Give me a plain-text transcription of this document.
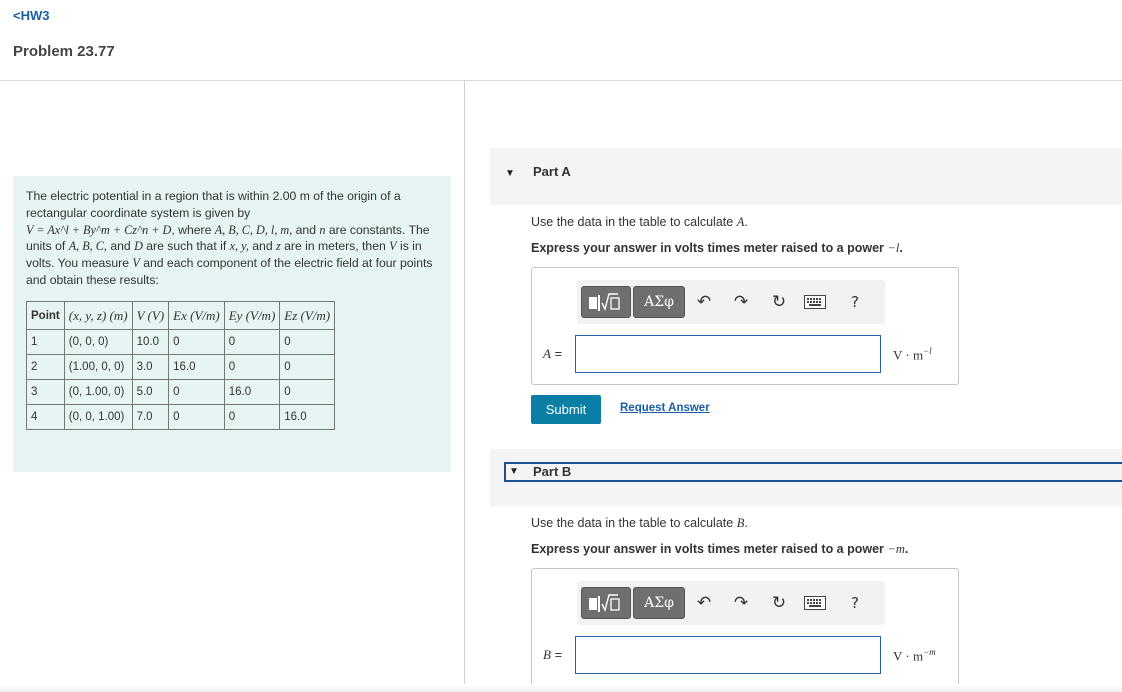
<HW3
Problem 23.77
The electric potential in a region that is within 2.00 m of the origin of a rectangular coordinate system is given by
V = Ax^l + By^m + Cz^n + D, where A, B, C, D, l, m, and n are constants. The units of A, B, C, and D are such that if x, y, and z are in meters, then V is in volts. You measure V and each component of the electric field at four points and obtain these results:
Point	(x, y, z) (m)	V (V)	Ex (V/m)	Ey (V/m)	Ez (V/m)
1	(0, 0, 0)	10.0	0	0	0
2	(1.00, 0, 0)	3.0	16.0	0	0
3	(0, 1.00, 0)	5.0	0	16.0	0
4	(0, 0, 1.00)	7.0	0	0	16.0
▼ Part A
Use the data in the table to calculate A.
Express your answer in volts times meter raised to a power −l.
ΑΣφ	↶ ↷ ↻	?
A =	$V \cdot m^{-l}$
Submit	Request Answer
▼ Part B
Use the data in the table to calculate B.
Express your answer in volts times meter raised to a power −m.
ΑΣφ	↶ ↷ ↻	?
B =	$V \cdot m^{-m}$
